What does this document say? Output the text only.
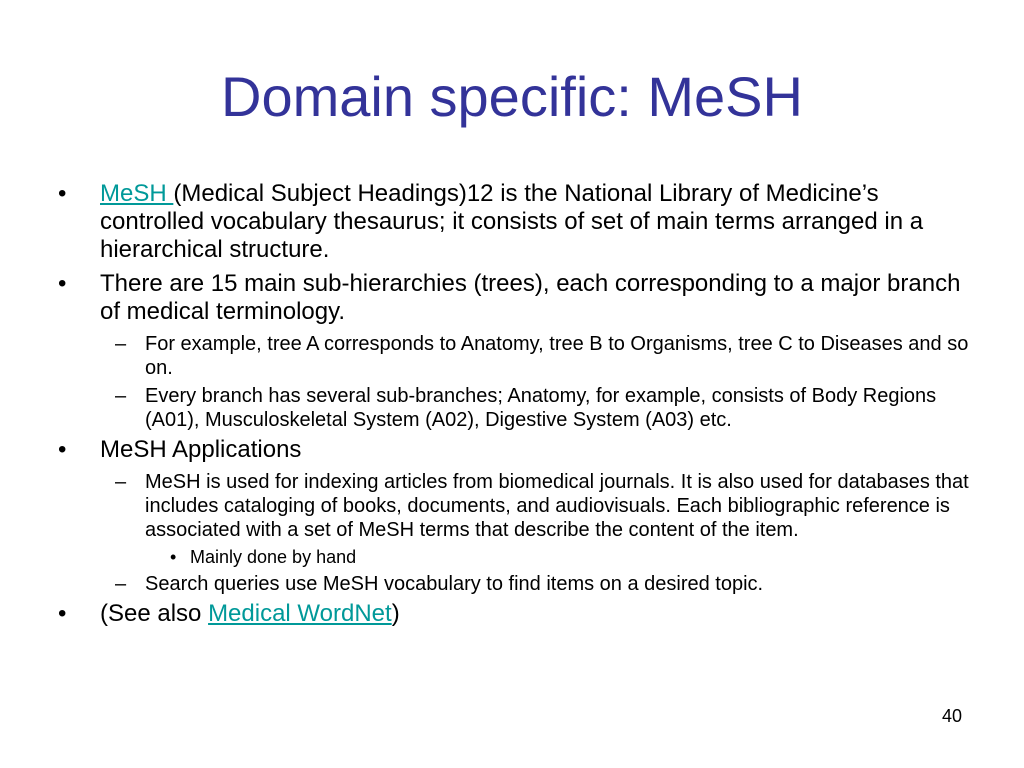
Domain specific: MeSH
•	MeSH (Medical Subject Headings)12 is the National Library of Medicine’s controlled vocabulary thesaurus; it consists of set of main terms arranged in a hierarchical structure.
•	There are 15 main sub-hierarchies (trees), each corresponding to a major branch of medical terminology.
– For example, tree A corresponds to Anatomy, tree B to Organisms, tree C to Diseases and so on.
– Every branch has several sub-branches; Anatomy, for example, consists of Body Regions (A01), Musculoskeletal System (A02), Digestive System (A03) etc.
•	MeSH Applications
– MeSH is used for indexing articles from biomedical journals. It is also used for databases that includes cataloging of books, documents, and audiovisuals. Each bibliographic reference is associated with a set of MeSH terms that describe the content of the item.
• Mainly done by hand
– Search queries use MeSH vocabulary to find items on a desired topic.
•	(See also Medical WordNet)
40
